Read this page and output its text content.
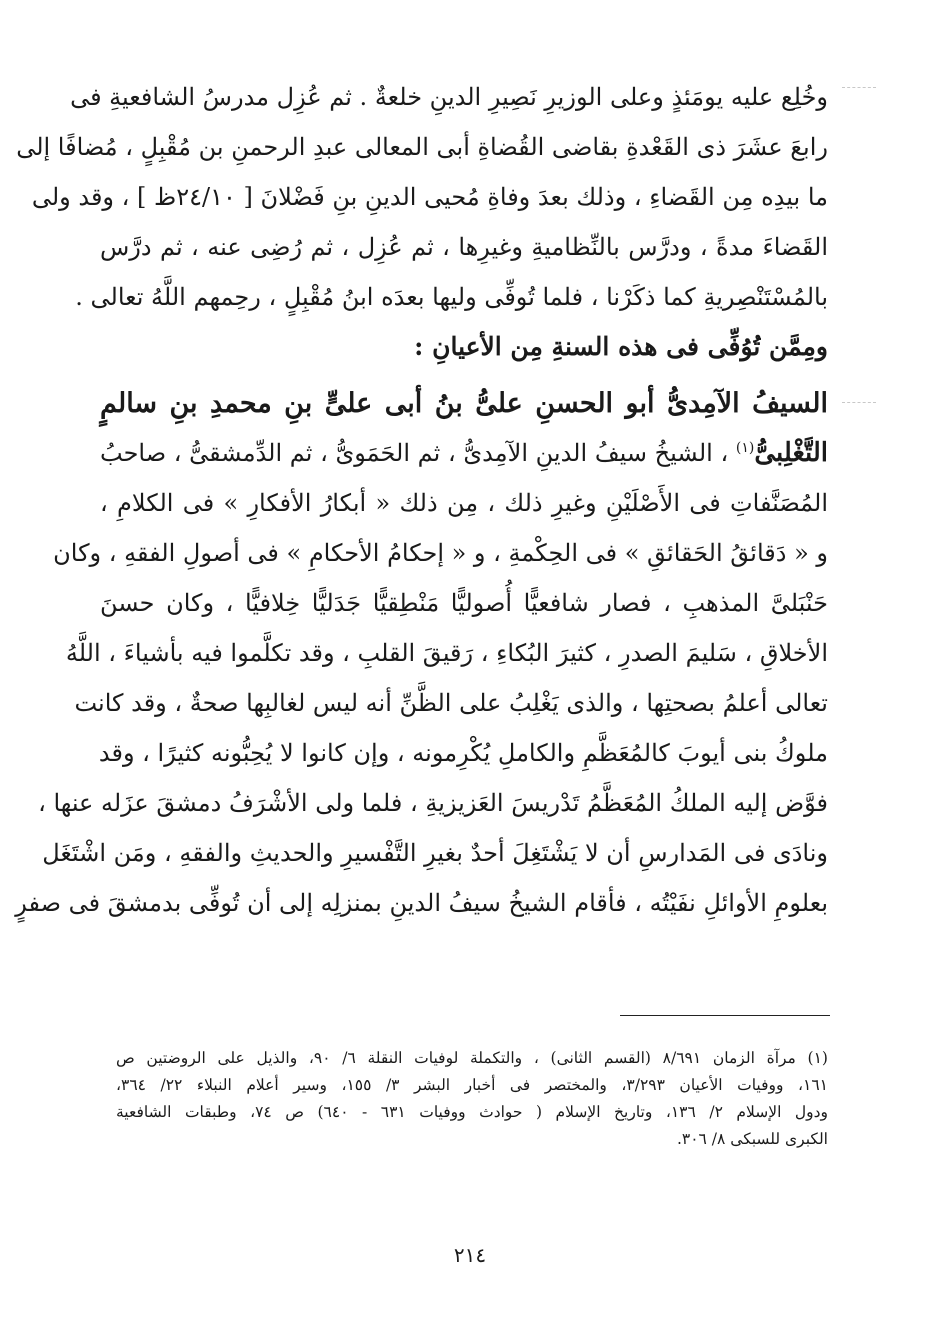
وخُلِع عليه يومَئذٍ وعلى الوزيرِ نَصِيرِ الدينِ خلعةٌ . ثم عُزِل مدرسُ الشافعيةِ فى
رابعَ عشَرَ ذى القَعْدةِ بقاضى القُضاةِ أبى المعالى عبدِ الرحمنِ بن مُقْبِلٍ ، مُضافًا إلى
ما بيدِه مِن القَضاءِ ، وذلك بعدَ وفاةِ مُحيى الدينِ بنِ فَضْلانَ [ ٢٤/١٠ظ ] ، وقد ولى
القَضاءَ مدةً ، ودرَّس بالنِّظاميةِ وغيرِها ، ثم عُزِل ، ثم رُضِى عنه ، ثم درَّس
بالمُسْتَنْصِريةِ كما ذكَرْنا ، فلما تُوفِّى وليها بعدَه ابنُ مُقْبِلٍ ، رحِمهم اللَّهُ تعالى .
ومِمَّن تُوُفِّى فى هذه السنةِ مِن الأعيانِ :
السيفُ الآمِدىُّ أبو الحسنِ علىُّ بنُ أبى علىٍّ بنِ محمدِ بنِ سالمٍ
التَّغْلِبىُّ$^{(١)}$ ، الشيخُ سيفُ الدينِ الآمِدىُّ ، ثم الحَمَوىُّ ، ثم الدِّمشقىُّ ، صاحبُ
المُصَنَّفاتِ فى الأَصْلَيْنِ وغيرِ ذلك ، مِن ذلك « أبكارُ الأفكارِ » فى الكلامِ ،
و « دَقائقُ الحَقائقِ » فى الحِكْمةِ ، و « إحكامُ الأحكامِ » فى أصولِ الفقهِ ، وكان
حَنْبَلىَّ المذهبِ ، فصار شافعيًّا أُصوليًّا مَنْطِقيًّا جَدَليًّا خِلافيًّا ، وكان حسنَ
الأخلاقِ ، سَليمَ الصدرِ ، كثيرَ البُكاءِ ، رَقيقَ القلبِ ، وقد تكلَّموا فيه بأشياءَ ، اللَّهُ
تعالى أعلمُ بصحتِها ، والذى يَغْلِبُ على الظَّنِّ أنه ليس لغالبِها صحةٌ ، وقد كانت
ملوكُ بنى أيوبَ كالمُعَظَّمِ والكاملِ يُكْرِمونه ، وإن كانوا لا يُحِبُّونه كثيرًا ، وقد
فوَّض إليه الملكُ المُعَظَّمُ تَدْريسَ العَزيزيةِ ، فلما ولى الأشْرَفُ دمشقَ عزَله عنها ،
ونادَى فى المَدارسِ أن لا يَشْتَغِلَ أحدٌ بغيرِ التَّفْسيرِ والحديثِ والفقهِ ، ومَن اشْتَغَل
بعلومِ الأوائلِ نفَيْتُه ، فأقام الشيخُ سيفُ الدينِ بمنزلِه إلى أن تُوفِّى بدمشقَ فى صفرٍ
(١) مرآة الزمان ٨/٦٩١ (القسم الثانى) ، والتكملة لوفيات النقلة ٦/ ٩٠، والذيل على الروضتين ص
١٦١، ووفيات الأعيان ٣/٢٩٣، والمختصر فى أخبار البشر ٣/ ١٥٥، وسير أعلام النبلاء ٢٢/ ٣٦٤،
ودول الإسلام ٢/ ١٣٦، وتاريخ الإسلام ( حوادث ووفيات ٦٣١ - ٦٤٠) ص ٧٤، وطبقات الشافعية
الكبرى للسبكى ٨/ ٣٠٦.
٢١٤
